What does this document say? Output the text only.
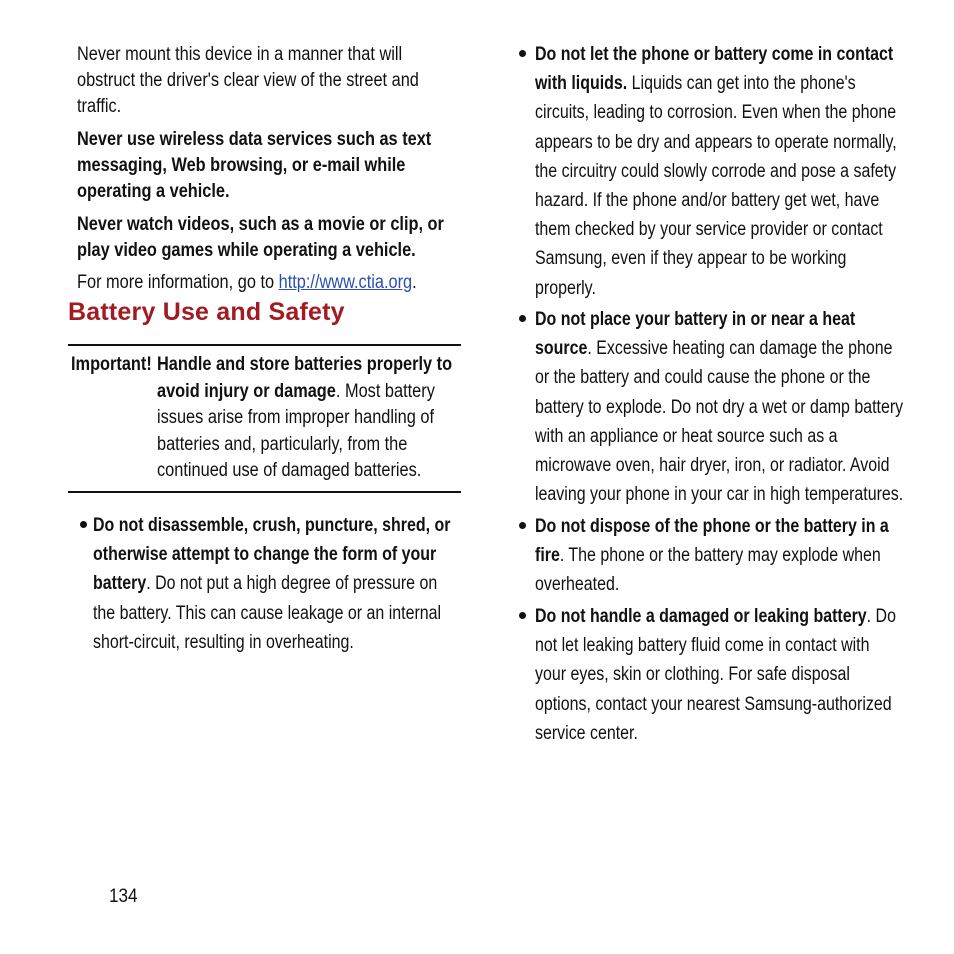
Never mount this device in a manner that will obstruct the driver's clear view of the street and traffic.

Never use wireless data services such as text messaging, Web browsing, or e-mail while operating a vehicle.

Never watch videos, such as a movie or clip, or play video games while operating a vehicle.

For more information, go to http://www.ctia.org.

Battery Use and Safety
Important! Handle and store batteries properly to avoid injury or damage. Most battery issues arise from improper handling of batteries and, particularly, from the continued use of damaged batteries.
Do not disassemble, crush, puncture, shred, or otherwise attempt to change the form of your battery. Do not put a high degree of pressure on the battery. This can cause leakage or an internal short-circuit, resulting in overheating.
Do not let the phone or battery come in contact with liquids. Liquids can get into the phone's circuits, leading to corrosion. Even when the phone appears to be dry and appears to operate normally, the circuitry could slowly corrode and pose a safety hazard. If the phone and/or battery get wet, have them checked by your service provider or contact Samsung, even if they appear to be working properly.
Do not place your battery in or near a heat source. Excessive heating can damage the phone or the battery and could cause the phone or the battery to explode. Do not dry a wet or damp battery with an appliance or heat source such as a microwave oven, hair dryer, iron, or radiator. Avoid leaving your phone in your car in high temperatures.
Do not dispose of the phone or the battery in a fire. The phone or the battery may explode when overheated.
Do not handle a damaged or leaking battery. Do not let leaking battery fluid come in contact with your eyes, skin or clothing. For safe disposal options, contact your nearest Samsung-authorized service center.
134
